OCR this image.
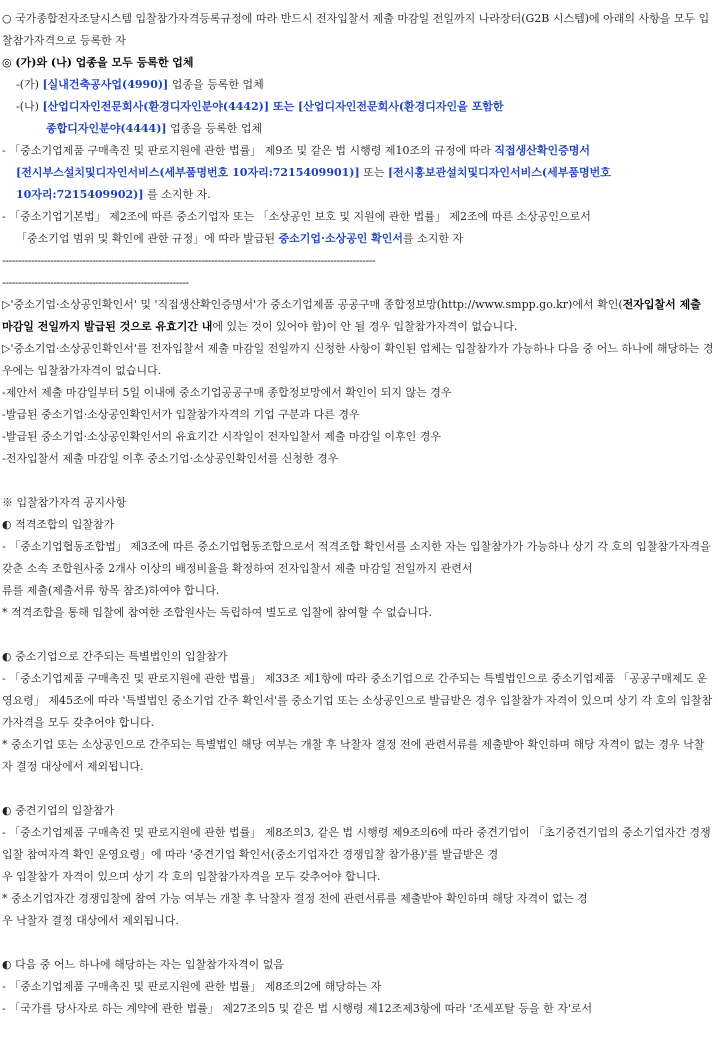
○ 국가종합전자조달시스템 입찰참가자격등록규정에 따라 반드시 전자입찰서 제출 마감일 전일까지 나라장터(G2B 시스템)에 아래의 사항을 모두 입찰참가자격으로 등록한 자
◎ (가)와 (나) 업종을 모두 등록한 업체
-(가) [실내건축공사업(4990)] 업종을 등록한 업체
-(나) [산업디자인전문회사(환경디자인분야(4442)] 또는 [산업디자인전문회사(환경디자인을 포함한
종합디자인분야(4444)] 업종을 등록한 업체
- 「중소기업제품 구매촉진 및 판로지원에 관한 법률」 제9조 및 같은 법 시행령 제10조의 규정에 따라 직접생산확인증명서
[전시부스설치및디자인서비스(세부품명번호 10자리:7215409901)] 또는 [전시홍보관설치및디자인서비스(세부품명번호
10자리:7215409902)] 를 소지한 자.
- 「중소기업기본법」 제2조에 따른 중소기업자 또는 「소상공인 보호 및 지원에 관한 법률」 제2조에 따른 소상공인으로서
「중소기업 범위 및 확인에 관한 규정」에 따라 발급된 중소기업·소상공인 확인서를 소지한 자
--------------------------------------------------------------------------------------------------------------------
----------------------------------------------------------
▷'중소기업·소상공인확인서' 및 '직접생산확인증명서'가 중소기업제품 공공구매 종합정보망(http://www.smpp.go.kr)에서 확인(전자입찰서 제출 마감일 전일까지 발급된 것으로 유효기간 내에 있는 것이 있어야 함)이 안 될 경우 입찰참가자격이 없습니다.
▷'중소기업·소상공인확인서'를 전자입찰서 제출 마감일 전일까지 신청한 사항이 확인된 업체는 입찰참가가 가능하나 다음 중 어느 하나에 해당하는 경우에는 입찰참가자격이 없습니다.
-제안서 제출 마감일부터 5일 이내에 중소기업공공구매 종합정보망에서 확인이 되지 않는 경우
-발급된 중소기업·소상공인확인서가 입찰참가자격의 기업 구분과 다른 경우
-발급된 중소기업·소상공인확인서의 유효기간 시작일이 전자입찰서 제출 마감일 이후인 경우
-전자입찰서 제출 마감일 이후 중소기업·소상공인확인서를 신청한 경우
※ 입찰참가자격 공지사항
◐ 적격조합의 입찰참가
- 「중소기업협동조합법」 제3조에 따른 중소기업협동조합으로서 적격조합 확인서를 소지한 자는 입찰참가가 가능하나 상기 각 호의 입찰참가자격을 갖춘 소속 조합원사중 2개사 이상의 배정비율을 확정하여 전자입찰서 제출 마감일 전일까지 관련서
류를 제출(제출서류 항목 참조)하여야 합니다.
* 적격조합을 통해 입찰에 참여한 조합원사는 독립하여 별도로 입찰에 참여할 수 없습니다.
◐ 중소기업으로 간주되는 특별법인의 입찰참가
- 「중소기업제품 구매촉진 및 판로지원에 관한 법률」 제33조 제1항에 따라 중소기업으로 간주되는 특별법인으로 중소기업제품 「공공구매제도 운영요령」 제45조에 따라 '특별법인 중소기업 간주 확인서'를 중소기업 또는 소상공인으로 발급받은 경우 입찰참가 자격이 있으며 상기 각 호의 입찰참가자격을 모두 갖추어야 합니다.
* 중소기업 또는 소상공인으로 간주되는 특별법인 해당 여부는 개찰 후 낙찰자 결정 전에 관련서류를 제출받아 확인하며 해당 자격이 없는 경우 낙찰자 결정 대상에서 제외됩니다.
◐ 중견기업의 입찰참가
- 「중소기업제품 구매촉진 및 판로지원에 관한 법률」 제8조의3, 같은 법 시행령 제9조의6에 따라 중견기업이 「초기중견기업의 중소기업자간 경쟁입찰 참여자격 확인 운영요령」에 따라 '중견기업 확인서(중소기업자간 경쟁입찰 참가용)'를 발급받은 경
우 입찰참가 자격이 있으며 상기 각 호의 입찰참가자격을 모두 갖추어야 합니다.
* 중소기업자간 경쟁입찰에 참여 가능 여부는 개찰 후 낙찰자 결정 전에 관련서류를 제출받아 확인하며 해당 자격이 없는 경
우 낙찰자 결정 대상에서 제외됩니다.
◐ 다음 중 어느 하나에 해당하는 자는 입찰참가자격이 없음
- 「중소기업제품 구매촉진 및 판로지원에 관한 법률」 제8조의2에 해당하는 자
- 「국가를 당사자로 하는 계약에 관한 법률」 제27조의5 및 같은 법 시행령 제12조제3항에 따라 '조세포탈 등을 한 자'로서
